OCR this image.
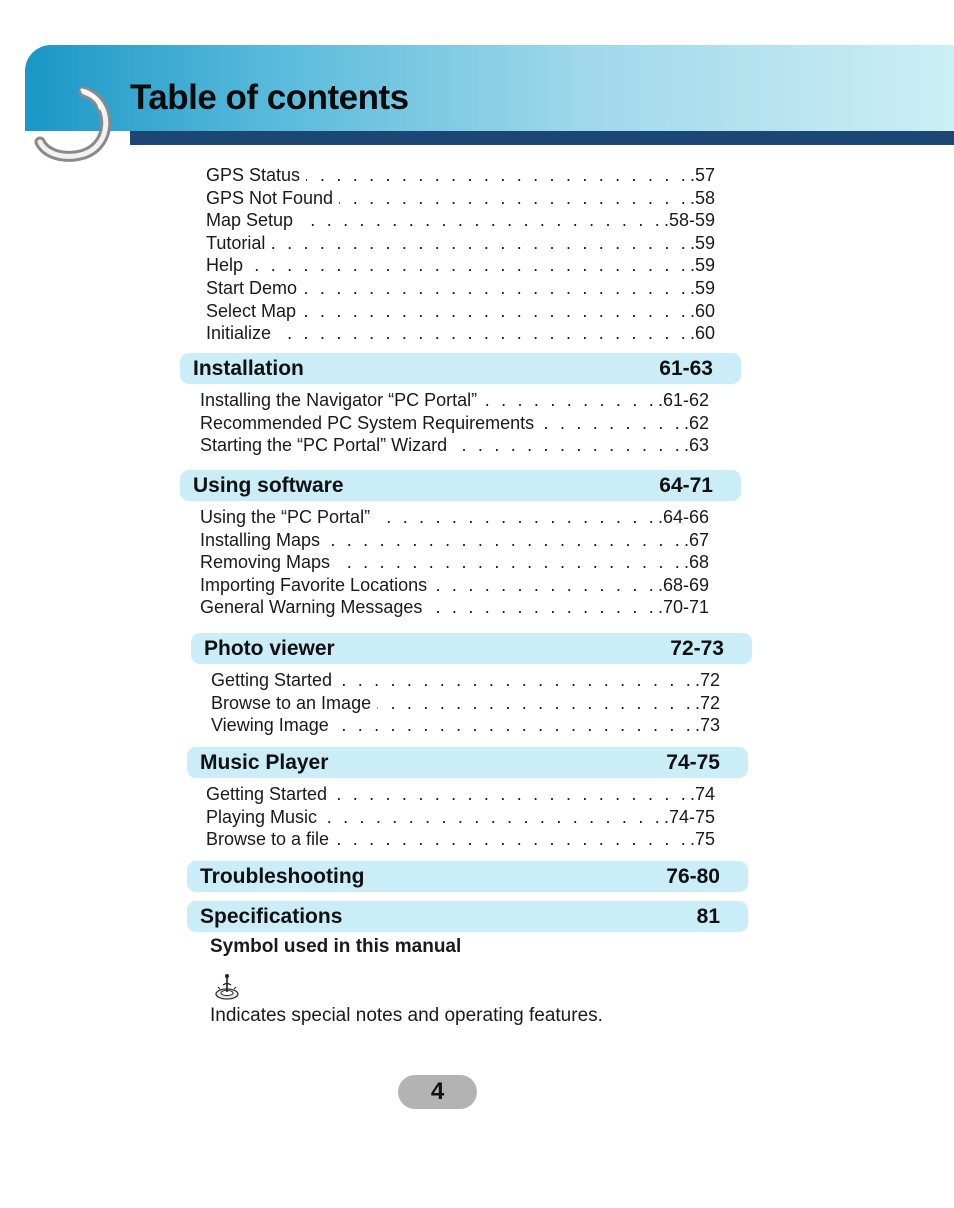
Table of contents
GPS Status . . .	.57
GPS Not Found . . .	.58
Map Setup . . .	.58-59
Tutorial . . .	.59
Help . . .	.59
Start Demo . . .	.59
Select Map . . .	.60
Initialize . . .	.60
Installation	61-63
Installing the Navigator “PC Portal” . . .	.61-62
Recommended PC System Requirements . . .	.62
Starting the “PC Portal” Wizard . . .	.63
Using software	64-71
Using the “PC Portal” . . .	.64-66
Installing Maps . . .	.67
Removing Maps . . .	.68
Importing Favorite Locations . . .	.68-69
General Warning Messages . . .	.70-71
Photo viewer	72-73
Getting Started . . .	.72
Browse to an Image . . .	.72
Viewing Image . . .	.73
Music Player	74-75
Getting Started . . .	.74
Playing Music . . .	.74-75
Browse to a file . . .	.75
Troubleshooting	76-80
Specifications	81

Symbol used in this manual

Indicates special notes and operating features.

4
